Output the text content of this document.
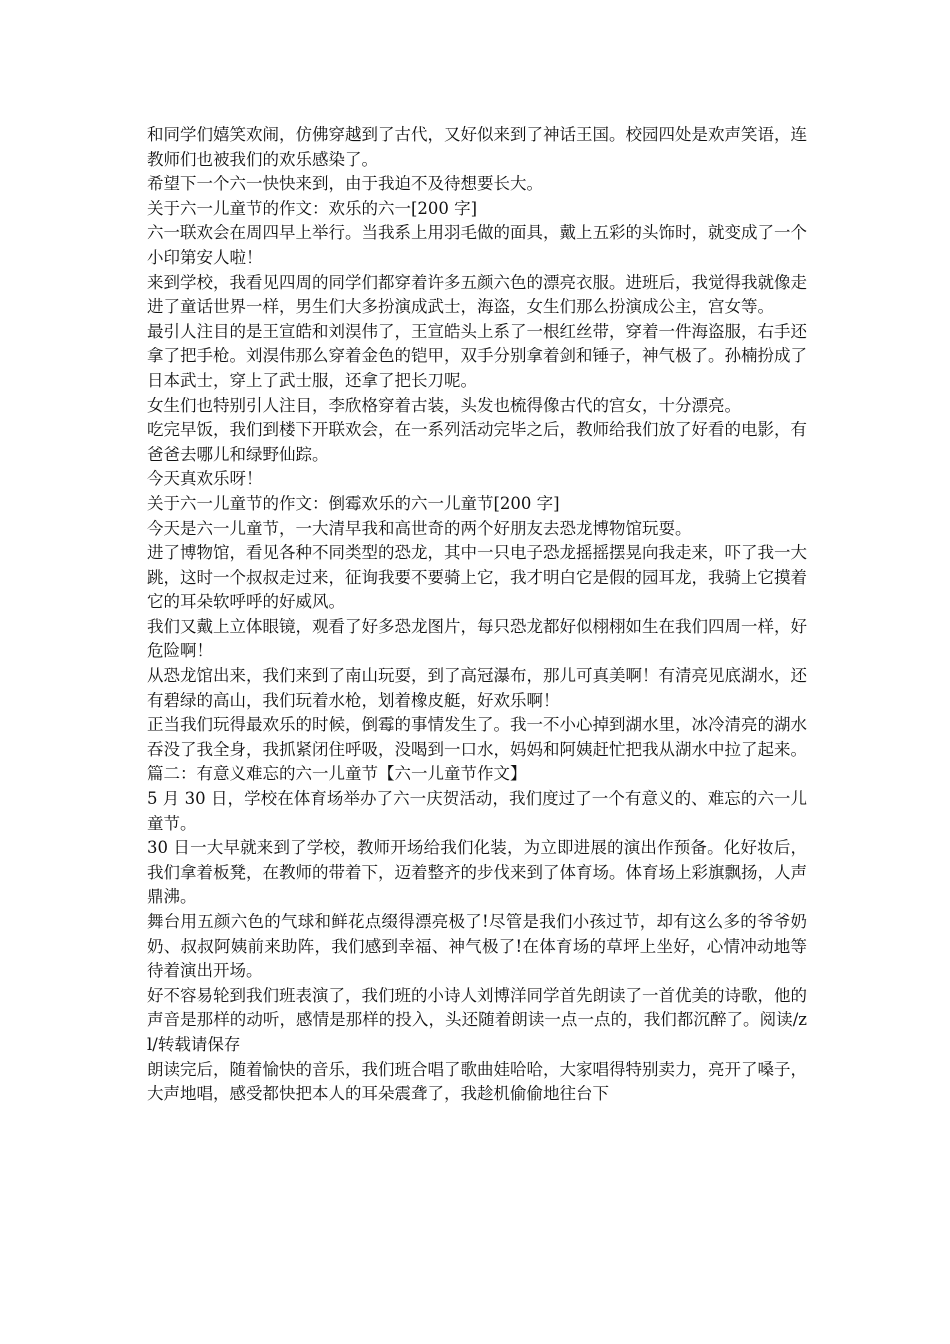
和同学们嬉笑欢闹，仿佛穿越到了古代，又好似来到了神话王国。校园四处是欢声笑语，连教师们也被我们的欢乐感染了。

希望下一个六一快快来到，由于我迫不及待想要长大。

关于六一儿童节的作文：欢乐的六一[200 字]

六一联欢会在周四早上举行。当我系上用羽毛做的面具，戴上五彩的头饰时，就变成了一个小印第安人啦！

来到学校，我看见四周的同学们都穿着许多五颜六色的漂亮衣服。进班后，我觉得我就像走进了童话世界一样，男生们大多扮演成武士，海盗，女生们那么扮演成公主，宫女等。

最引人注目的是王宣皓和刘淏伟了，王宣皓头上系了一根红丝带，穿着一件海盗服，右手还拿了把手枪。刘淏伟那么穿着金色的铠甲，双手分别拿着剑和锤子，神气极了。孙楠扮成了日本武士，穿上了武士服，还拿了把长刀呢。

女生们也特别引人注目，李欣格穿着古装，头发也梳得像古代的宫女，十分漂亮。

吃完早饭，我们到楼下开联欢会，在一系列活动完毕之后，教师给我们放了好看的电影，有爸爸去哪儿和绿野仙踪。

今天真欢乐呀！

关于六一儿童节的作文：倒霉欢乐的六一儿童节[200 字]

今天是六一儿童节，一大清早我和高世奇的两个好朋友去恐龙博物馆玩耍。

进了博物馆，看见各种不同类型的恐龙，其中一只电子恐龙摇摇摆晃向我走来，吓了我一大跳，这时一个叔叔走过来，征询我要不要骑上它，我才明白它是假的园耳龙，我骑上它摸着它的耳朵软呼呼的好威风。

我们又戴上立体眼镜，观看了好多恐龙图片，每只恐龙都好似栩栩如生在我们四周一样，好危险啊！

从恐龙馆出来，我们来到了南山玩耍，到了高冠瀑布，那儿可真美啊！有清亮见底湖水，还有碧绿的高山，我们玩着水枪，划着橡皮艇，好欢乐啊！

正当我们玩得最欢乐的时候，倒霉的事情发生了。我一不小心掉到湖水里，冰冷清亮的湖水吞没了我全身，我抓紧闭住呼吸，没喝到一口水，妈妈和阿姨赶忙把我从湖水中拉了起来。

篇二：有意义难忘的六一儿童节【六一儿童节作文】

5 月 30 日，学校在体育场举办了六一庆贺活动，我们度过了一个有意义的、难忘的六一儿童节。

30 日一大早就来到了学校，教师开场给我们化装，为立即进展的演出作预备。化好妆后，我们拿着板凳，在教师的带着下，迈着整齐的步伐来到了体育场。体育场上彩旗飘扬，人声鼎沸。

舞台用五颜六色的气球和鲜花点缀得漂亮极了!尽管是我们小孩过节，却有这么多的爷爷奶奶、叔叔阿姨前来助阵，我们感到幸福、神气极了!在体育场的草坪上坐好，心情冲动地等待着演出开场。

好不容易轮到我们班表演了，我们班的小诗人刘博洋同学首先朗读了一首优美的诗歌，他的声音是那样的动听，感情是那样的投入，头还随着朗读一点一点的，我们都沉醉了。阅读/zl/转载请保存

朗读完后，随着愉快的音乐，我们班合唱了歌曲娃哈哈，大家唱得特别卖力，亮开了嗓子，大声地唱，感受都快把本人的耳朵震聋了，我趁机偷偷地往台下
